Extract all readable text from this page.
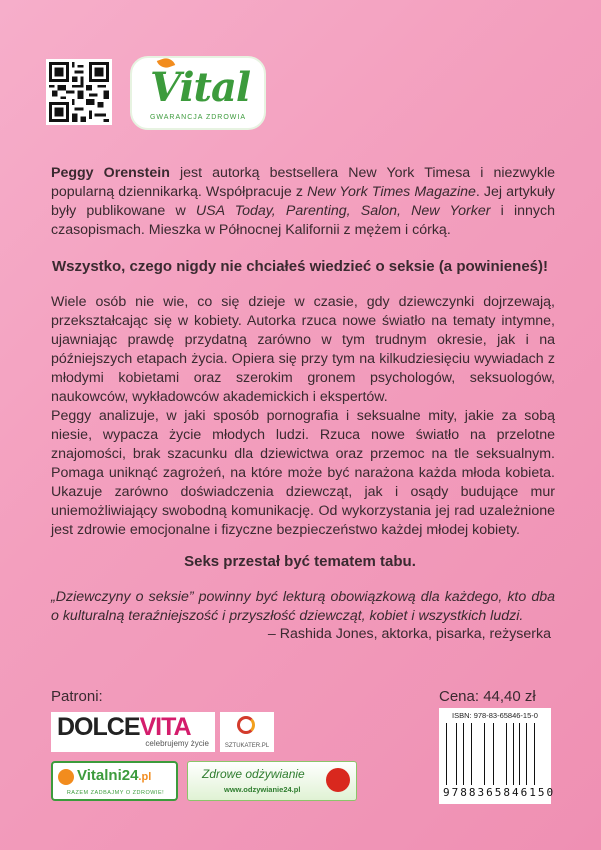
Vital
GWARANCJA ZDROWIA
Peggy Orenstein jest autorką bestsellera New York Timesa i niezwykle popularną dziennikarką. Współpracuje z New York Times Magazine. Jej artykuły były publikowane w USA Today, Parenting, Salon, New Yorker i innych czasopismach. Mieszka w Północnej Kalifornii z mężem i córką.
Wszystko, czego nigdy nie chciałeś wiedzieć o seksie (a powinieneś)!
Wiele osób nie wie, co się dzieje w czasie, gdy dziewczynki dojrzewają, przekształcając się w kobiety. Autorka rzuca nowe światło na tematy intymne, ujawniając prawdę przydatną zarówno w tym trudnym okresie, jak i na późniejszych etapach życia. Opiera się przy tym na kilkudziesięciu wywiadach z młodymi kobietami oraz szerokim gronem psychologów, seksuologów, naukowców, wykładowców akademickich i ekspertów.
Peggy analizuje, w jaki sposób pornografia i seksualne mity, jakie za sobą niesie, wypacza życie młodych ludzi. Rzuca nowe światło na przelotne znajomości, brak szacunku dla dziewictwa oraz przemoc na tle seksualnym. Pomaga uniknąć zagrożeń, na które może być narażona każda młoda kobieta. Ukazuje zarówno doświadczenia dziewcząt, jak i osądy budujące mur uniemożliwiający swobodną komunikację. Od wykorzystania jej rad uzależnione jest zdrowie emocjonalne i fizyczne bezpieczeństwo każdej młodej kobiety.
Seks przestał być tematem tabu.
„Dziewczyny o seksie” powinny być lekturą obowiązkową dla każdego, kto dba o kulturalną teraźniejszość i przyszłość dziewcząt, kobiet i wszystkich ludzi.
– Rashida Jones, aktorka, pisarka, reżyserka
Patroni:	Cena: 44,40 zł
DOLCEVITA
celebrujemy życie	SZTUKATER.PL
Vitalni24.pl
RAZEM ZADBAJMY O ZDROWIE!
Zdrowe odżywianie
www.odzywianie24.pl
ISBN: 978-83-65846-15-0
9788365846150
